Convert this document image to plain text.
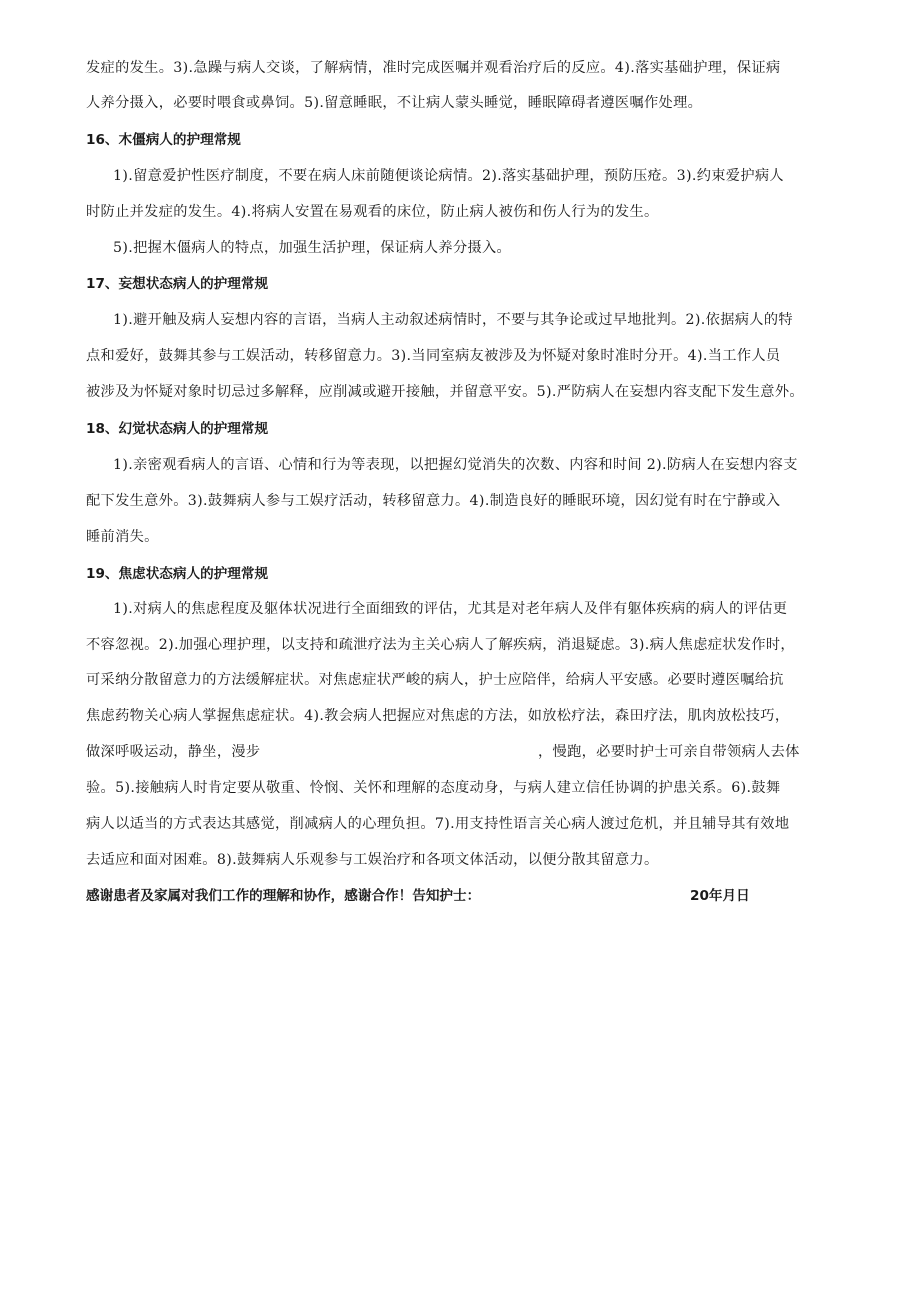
发症的发生。3).急躁与病人交谈，了解病情，准时完成医嘱并观看治疗后的反应。4).落实基础护理，保证病
人养分摄入，必要时喂食或鼻饲。5).留意睡眠，不让病人蒙头睡觉，睡眠障碍者遵医嘱作处理。
16、木僵病人的护理常规
1).留意爱护性医疗制度，不要在病人床前随便谈论病情。2).落实基础护理，预防压疮。3).约束爱护病人
时防止并发症的发生。4).将病人安置在易观看的床位，防止病人被伤和伤人行为的发生。
5).把握木僵病人的特点，加强生活护理，保证病人养分摄入。
17、妄想状态病人的护理常规
1).避开触及病人妄想内容的言语，当病人主动叙述病情时，不要与其争论或过早地批判。2).依据病人的特
点和爱好，鼓舞其参与工娱活动，转移留意力。3).当同室病友被涉及为怀疑对象时准时分开。4).当工作人员
被涉及为怀疑对象时切忌过多解释，应削减或避开接触，并留意平安。5).严防病人在妄想内容支配下发生意外。
18、幻觉状态病人的护理常规
1).亲密观看病人的言语、心情和行为等表现，以把握幻觉消失的次数、内容和时间 2).防病人在妄想内容支
配下发生意外。3).鼓舞病人参与工娱疗活动，转移留意力。4).制造良好的睡眠环境，因幻觉有时在宁静或入
睡前消失。
19、焦虑状态病人的护理常规
1).对病人的焦虑程度及躯体状况进行全面细致的评估，尤其是对老年病人及伴有躯体疾病的病人的评估更
不容忽视。2).加强心理护理，以支持和疏泄疗法为主关心病人了解疾病，消退疑虑。3).病人焦虑症状发作时，
可采纳分散留意力的方法缓解症状。对焦虑症状严峻的病人，护士应陪伴，给病人平安感。必要时遵医嘱给抗
焦虑药物关心病人掌握焦虑症状。4).教会病人把握应对焦虑的方法，如放松疗法，森田疗法，肌肉放松技巧，
做深呼吸运动，静坐，漫步	，慢跑，必要时护士可亲自带领病人去体
验。5).接触病人时肯定要从敬重、怜悯、关怀和理解的态度动身，与病人建立信任协调的护患关系。6).鼓舞
病人以适当的方式表达其感觉，削减病人的心理负担。7).用支持性语言关心病人渡过危机，并且辅导其有效地
去适应和面对困难。8).鼓舞病人乐观参与工娱治疗和各项文体活动，以便分散其留意力。
感谢患者及家属对我们工作的理解和协作，感谢合作！告知护士：	20年月日
